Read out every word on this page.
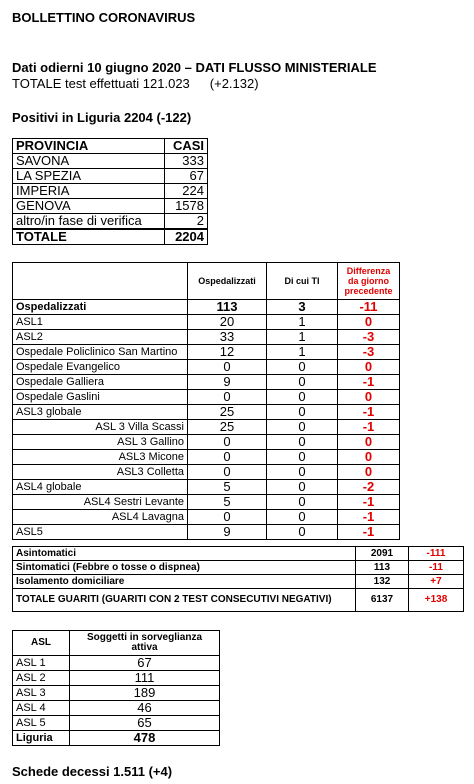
BOLLETTINO CORONAVIRUS
Dati odierni 10 giugno 2020 – DATI FLUSSO MINISTERIALE
TOTALE test effettuati 121.023 (+2.132)
Positivi in Liguria 2204 (-122)
PROVINCIA	CASI
SAVONA	333
LA SPEZIA	67
IMPERIA	224
GENOVA	1578
altro/in fase di verifica	2
TOTALE	2204
	Ospedalizzati	Di cui TI	Differenza da giorno precedente
Ospedalizzati	113	3	-11
ASL1	20	1	0
ASL2	33	1	-3
Ospedale Policlinico San Martino	12	1	-3
Ospedale Evangelico	0	0	0
Ospedale Galliera	9	0	-1
Ospedale Gaslini	0	0	0
ASL3 globale	25	0	-1
ASL 3 Villa Scassi	25	0	-1
ASL 3 Gallino	0	0	0
ASL3 Micone	0	0	0
ASL3 Colletta	0	0	0
ASL4 globale	5	0	-2
ASL4 Sestri Levante	5	0	-1
ASL4 Lavagna	0	0	-1
ASL5	9	0	-1
Asintomatici	2091	-111
Sintomatici (Febbre o tosse o dispnea)	113	-11
Isolamento domiciliare	132	+7
TOTALE GUARITI (GUARITI CON 2 TEST CONSECUTIVI NEGATIVI)	6137	+138
ASL	Soggetti in sorveglianza attiva
ASL 1	67
ASL 2	111
ASL 3	189
ASL 4	46
ASL 5	65
Liguria	478
Schede decessi 1.511 (+4)
